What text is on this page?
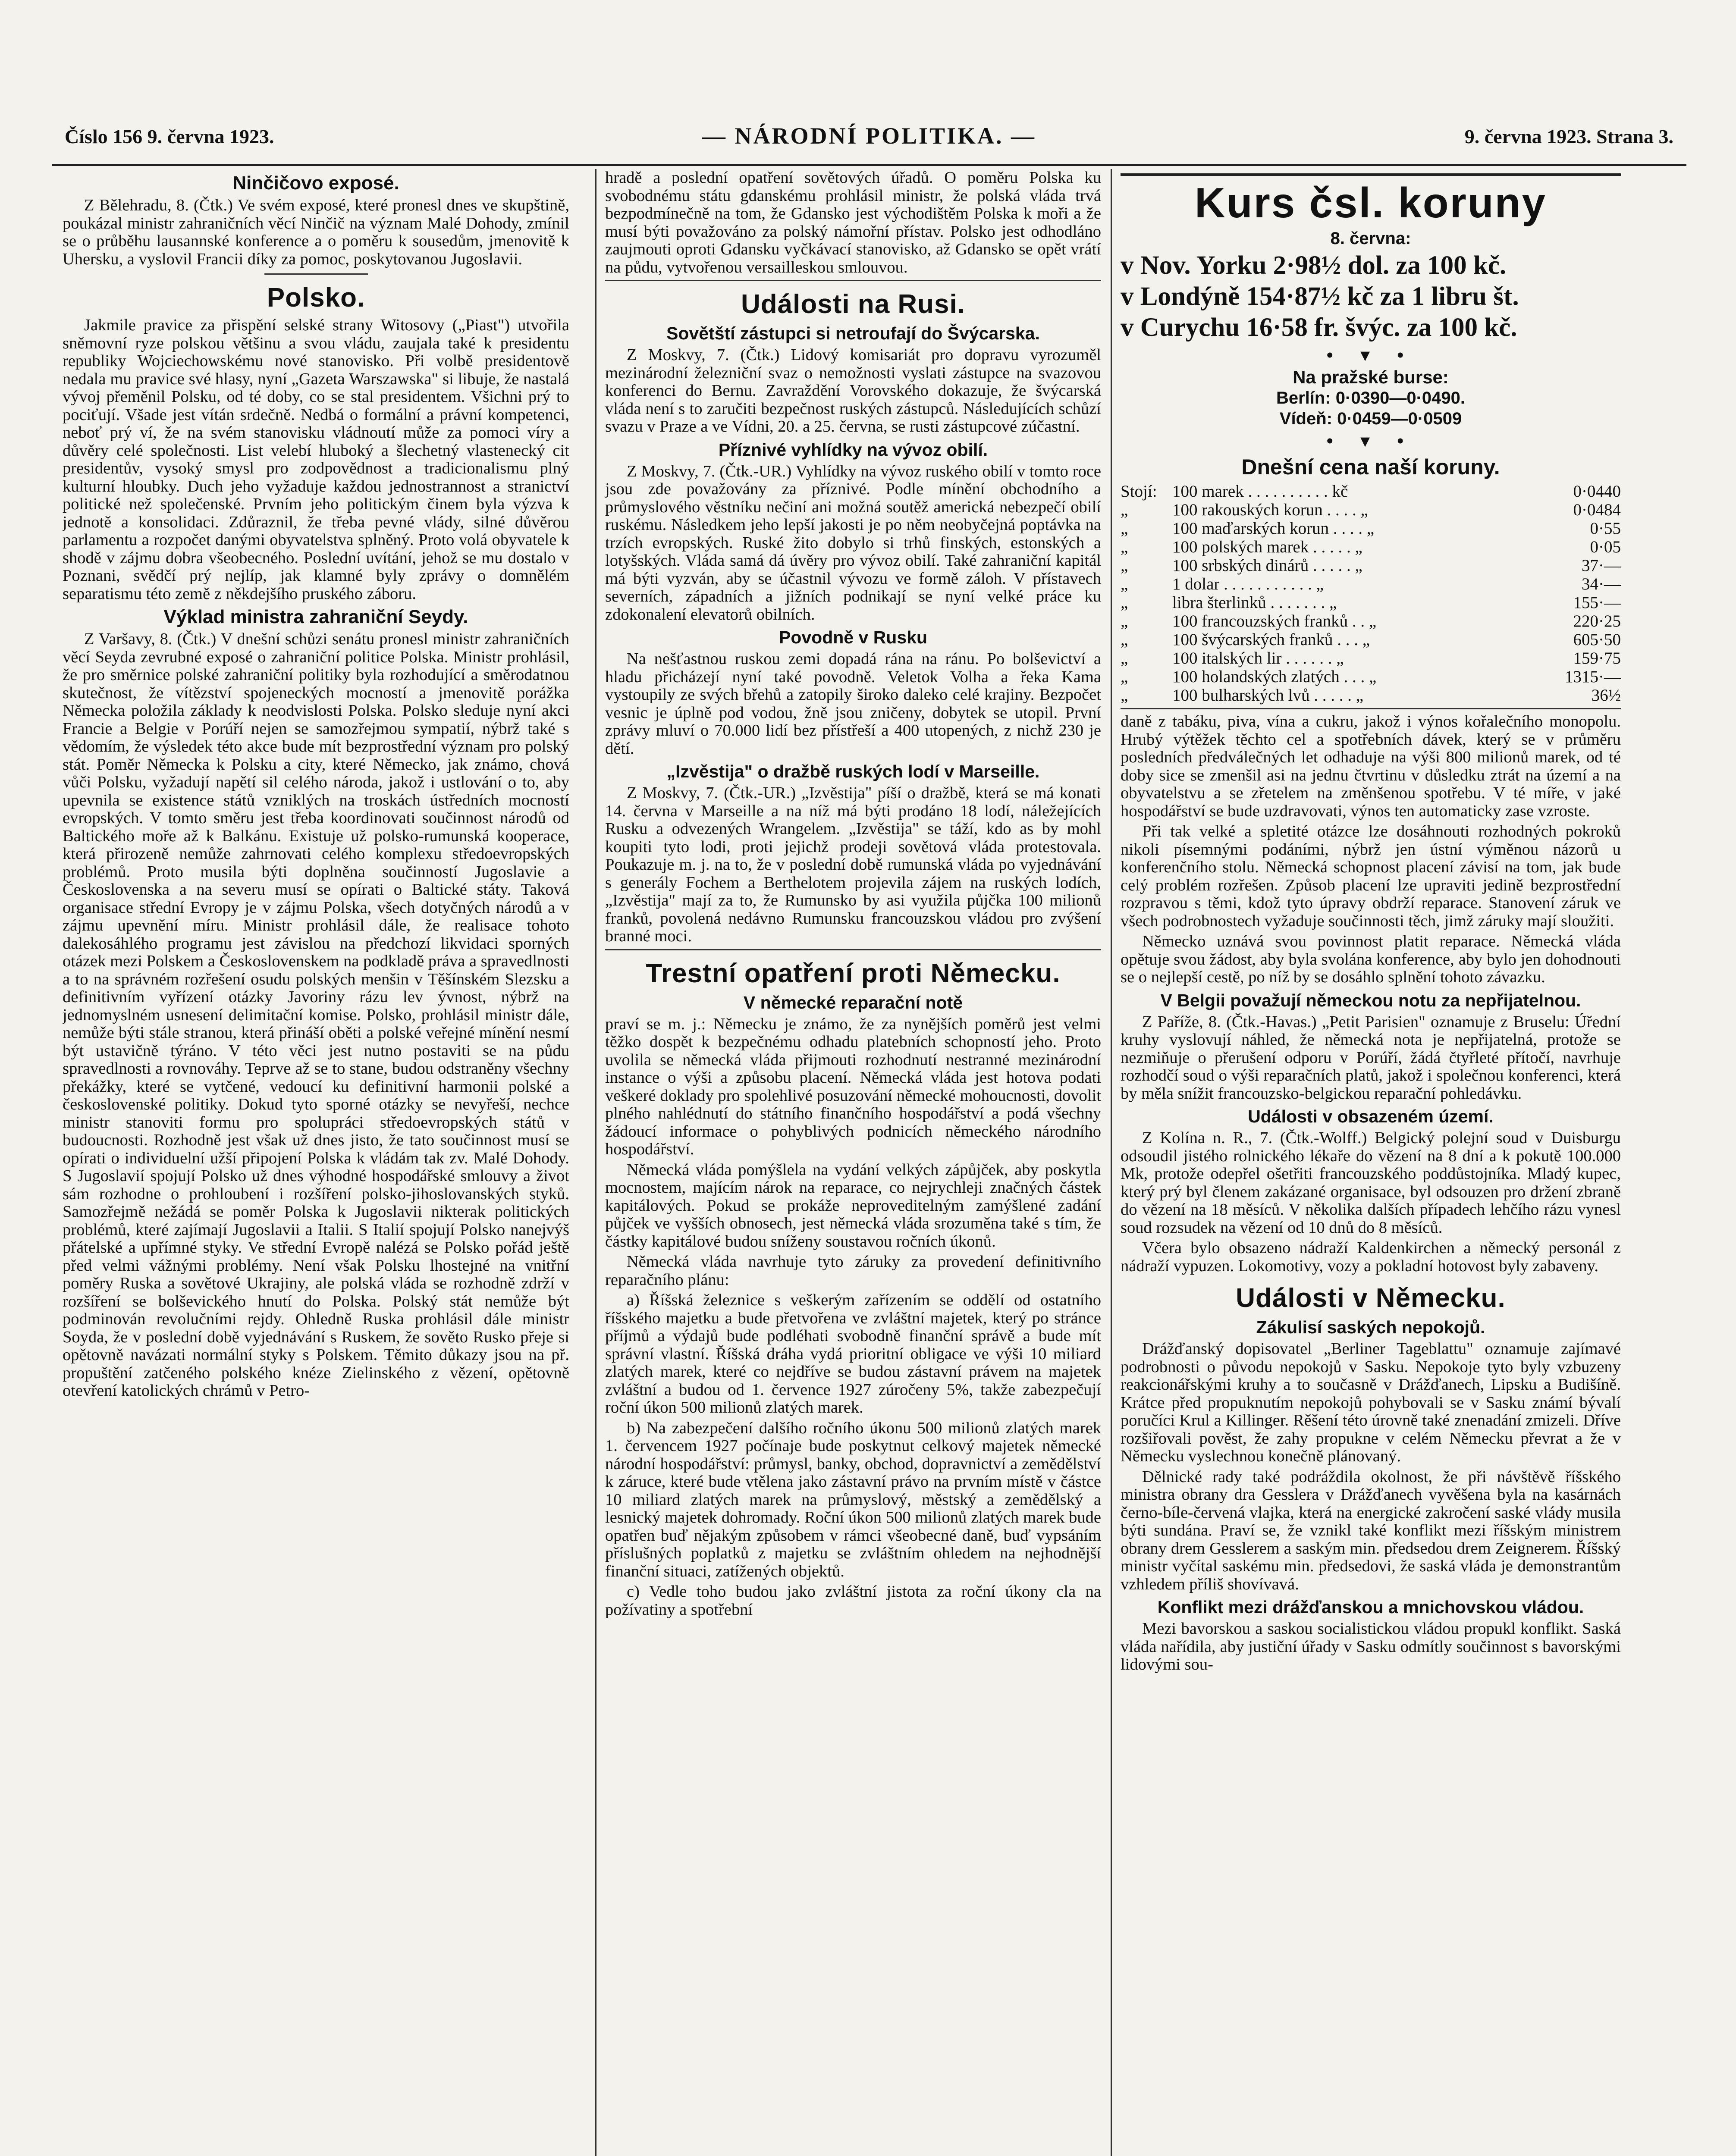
Číslo 156 9. června 1923.	— NÁRODNÍ POLITIKA. —	9. června 1923. Strana 3.
Ninčičovo exposé.

Z Bělehradu, 8. (Čtk.) Ve svém exposé, které pronesl dnes ve skupštině, poukázal ministr zahraničních věcí Ninčič na význam Malé Dohody, zmínil se o průběhu lausannské konference a o poměru k sousedům, jmenovitě k Uhersku, a vyslovil Francii díky za pomoc, poskytovanou Jugoslavii.

Polsko.

Jakmile pravice za přispění selské strany Witosovy („Piast") utvořila sněmovní ryze polskou většinu a svou vládu, zaujala také k presidentu republiky Wojciechowskému nové stanovisko. Při volbě presidentově nedala mu pravice své hlasy, nyní „Gazeta Warszawska" si libuje, že nastalá vývoj přeměnil Polsku, od té doby, co se stal presidentem. Všichni prý to pociťují. Všade jest vítán srdečně. Nedbá o formální a právní kompetenci, neboť prý ví, že na svém stanovisku vládnoutí může za pomoci víry a důvěry celé společnosti. List velebí hluboký a šlechetný vlastenecký cit presidentův, vysoký smysl pro zodpovědnost a tradicionalismu plný kulturní hloubky. Duch jeho vyžaduje každou jednostrannost a stranictví politické než společenské. Prvním jeho politickým činem byla výzva k jednotě a konsolidaci. Zdůraznil, že třeba pevné vlády, silné důvěrou parlamentu a rozpočet danými obyvatelstva splněný. Proto volá obyvatele k shodě v zájmu dobra všeobecného. Poslední uvítání, jehož se mu dostalo v Poznani, svědčí prý nejlíp, jak klamné byly zprávy o domnělém separatismu této země z někdejšího pruského záboru.

Výklad ministra zahraniční Seydy.

Z Varšavy, 8. (Čtk.) V dnešní schůzi senátu pronesl ministr zahraničních věcí Seyda zevrubné exposé o zahraniční politice Polska. Ministr prohlásil, že pro směrnice polské zahraniční politiky byla rozhodující a směrodatnou skutečnost, že vítězství spojeneckých mocností a jmenovitě porážka Německa položila základy k neodvislosti Polska. Polsko sleduje nyní akci Francie a Belgie v Porúří nejen se samozřejmou sympatií, nýbrž také s vědomím, že výsledek této akce bude mít bezprostřední význam pro polský stát. Poměr Německa k Polsku a city, které Německo, jak známo, chová vůči Polsku, vyžadují napětí sil celého národa, jakož i ustlování o to, aby upevnila se existence států vzniklých na troskách ústředních mocností evropských. V tomto směru jest třeba koordinovati součinnost národů od Baltického moře až k Balkánu. Existuje už polsko-rumunská kooperace, která přirozeně nemůže zahrnovati celého komplexu středoevropských problémů. Proto musila býti doplněna součinností Jugoslavie a Československa a na severu musí se opírati o Baltické státy. Taková organisace střední Evropy je v zájmu Polska, všech dotyčných národů a v zájmu upevnění míru. Ministr prohlásil dále, že realisace tohoto dalekosáhlého programu jest závislou na předchozí likvidaci sporných otázek mezi Polskem a Československem na podkladě práva a spravedlnosti a to na správném rozřešení osudu polských menšin v Těšínském Slezsku a definitivním vyřízení otázky Javoriny rázu lev ývnost, nýbrž na jednomyslném usnesení delimitační komise. Polsko, prohlásil ministr dále, nemůže býti stále stranou, která přináší oběti a polské veřejné mínění nesmí být ustavičně týráno. V této věci jest nutno postaviti se na půdu spravedlnosti a rovnováhy. Teprve až se to stane, budou odstraněny všechny překážky, které se vytčené, vedoucí ku definitivní harmonii polské a československé politiky. Dokud tyto sporné otázky se nevyřeší, nechce ministr stanoviti formu pro spolupráci středoevropských států v budoucnosti. Rozhodně jest však už dnes jisto, že tato součinnost musí se opírati o individuelní užší připojení Polska k vládám tak zv. Malé Dohody. S Jugoslavií spojují Polsko už dnes výhodné hospodářské smlouvy a život sám rozhodne o prohloubení i rozšíření polsko-jihoslovanských styků. Samozřejmě nežádá se poměr Polska k Jugoslavii nikterak politických problémů, které zajímají Jugoslavii a Italii. S Italií spojují Polsko nanejvýš přátelské a upřímné styky. Ve střední Evropě nalézá se Polsko pořád ještě před velmi vážnými problémy. Není však Polsku lhostejné na vnitřní poměry Ruska a sovětové Ukrajiny, ale polská vláda se rozhodně zdrží v rozšíření se bolševického hnutí do Polska. Polský stát nemůže být podminován revolučními rejdy. Ohledně Ruska prohlásil dále ministr Soyda, že v poslední době vyjednávání s Ruskem, že sověto Rusko přeje si opětovně navázati normální styky s Polskem. Těmito důkazy jsou na př. propuštění zatčeného polského knéze Zielinského z vězení, opětovně otevření katolických chrámů v Petro-

hradě a poslední opatření sovětových úřadů. O poměru Polska ku svobodnému státu gdanskému prohlásil ministr, že polská vláda trvá bezpodmínečně na tom, že Gdansko jest východištěm Polska k moři a že musí býti považováno za polský námořní přístav. Polsko jest odhodláno zaujmouti oproti Gdansku vyčkávací stanovisko, až Gdansko se opět vrátí na půdu, vytvořenou versailleskou smlouvou.

Události na Rusi.
Sovětští zástupci si netroufají do Švýcarska.

Z Moskvy, 7. (Čtk.) Lidový komisariát pro dopravu vyrozuměl mezinárodní železniční svaz o nemožnosti vyslati zástupce na svazovou konferenci do Bernu. Zavraždění Vorovského dokazuje, že švýcarská vláda není s to zaručiti bezpečnost ruských zástupců. Následujících schůzí svazu v Praze a ve Vídni, 20. a 25. června, se rusti zástupcové zúčastní.

Příznivé vyhlídky na vývoz obilí.

Z Moskvy, 7. (Čtk.-UR.) Vyhlídky na vývoz ruského obilí v tomto roce jsou zde považovány za příznivé. Podle mínění obchodního a průmyslového věstníku nečiní ani možná soutěž americká nebezpečí obilí ruskému. Následkem jeho lepší jakosti je po něm neobyčejná poptávka na trzích evropských. Ruské žito dobylo si trhů finských, estonských a lotyšských. Vláda samá dá úvěry pro vývoz obilí. Také zahraniční kapitál má býti vyzván, aby se účastnil vývozu ve formě záloh. V přístavech severních, západních a jižních podnikají se nyní velké práce ku zdokonalení elevatorů obilních.

Povodně v Rusku

Na nešťastnou ruskou zemi dopadá rána na ránu. Po bolševictví a hladu přicházejí nyní také povodně. Veletok Volha a řeka Kama vystoupily ze svých břehů a zatopily široko daleko celé krajiny. Bezpočet vesnic je úplně pod vodou, žně jsou zničeny, dobytek se utopil. První zprávy mluví o 70.000 lidí bez přístřeší a 400 utopených, z nichž 230 je dětí.

„Izvěstija" o dražbě ruských lodí v Marseille.

Z Moskvy, 7. (Čtk.-UR.) „Izvěstija" píší o dražbě, která se má konati 14. června v Marseille a na níž má býti prodáno 18 lodí, náležejících Rusku a odvezených Wrangelem. „Izvěstija" se táží, kdo as by mohl koupiti tyto lodi, proti jejichž prodeji sovětová vláda protestovala. Poukazuje m. j. na to, že v poslední době rumunská vláda po vyjednávání s generály Fochem a Berthelotem projevila zájem na ruských lodích, „Izvěstija" mají za to, že Rumunsko by asi využila půjčka 100 milionů franků, povolená nedávno Rumunsku francouzskou vládou pro zvýšení branné moci.

Trestní opatření proti Německu.
V německé reparační notě

praví se m. j.: Německu je známo, že za nynějších poměrů jest velmi těžko dospět k bezpečnému odhadu platebních schopností jeho. Proto uvolila se německá vláda přijmouti rozhodnutí nestranné mezinárodní instance o výši a způsobu placení. Německá vláda jest hotova podati veškeré doklady pro spolehlivé posuzování německé mohoucnosti, dovolit plného nahlédnutí do státního finančního hospodářství a podá všechny žádoucí informace o pohyblivých podnicích německého národního hospodářství.

Německá vláda pomýšlela na vydání velkých zápůjček, aby poskytla mocnostem, majícím nárok na reparace, co nejrychleji značných částek kapitálových. Pokud se prokáže neproveditelným zamýšlené zadání půjček ve vyšších obnosech, jest německá vláda srozuměna také s tím, že částky kapitálové budou sníženy soustavou ročních úkonů.

Německá vláda navrhuje tyto záruky za provedení definitivního reparačního plánu:

a) Říšská železnice s veškerým zařízením se oddělí od ostatního říšského majetku a bude přetvořena ve zvláštní majetek, který po stránce příjmů a výdajů bude podléhati svobodně finanční správě a bude mít správní vlastní. Říšská dráha vydá prioritní obligace ve výši 10 miliard zlatých marek, které co nejdříve se budou zástavní právem na majetek zvláštní a budou od 1. července 1927 zúročeny 5%, takže zabezpečují roční úkon 500 milionů zlatých marek.

b) Na zabezpečení dalšího ročního úkonu 500 milionů zlatých marek 1. červencem 1927 počínaje bude poskytnut celkový majetek německé národní hospodářství: průmysl, banky, obchod, dopravnictví a zemědělství k záruce, které bude vtělena jako zástavní právo na prvním místě v částce 10 miliard zlatých marek na průmyslový, městský a zemědělský a lesnický majetek dohromady. Roční úkon 500 milionů zlatých marek bude opatřen buď nějakým způsobem v rámci všeobecné daně, buď vypsáním příslušných poplatků z majetku se zvláštním ohledem na nejhodnější finanční situaci, zatížených objektů.

c) Vedle toho budou jako zvláštní jistota za roční úkony cla na požívatiny a spotřební

Kurs čsl. koruny
8. června:
v Nov. Yorku 2·98½ dol. za 100 kč.
v Londýně 154·87½ kč za 1 libru št.
v Curychu 16·58 fr. švýc. za 100 kč.
• ▾ •
Na pražské burse:
Berlín: 0·0390—0·0490.
Vídeň: 0·0459—0·0509
• ▾ •
Dnešní cena naší koruny.
Stojí:	100 marek . . . . . . . . . . kč	0·0440
„	100 rakouských korun . . . . „	0·0484
„	100 maďarských korun . . . . „	0·55
„	100 polských marek . . . . . „	0·05
„	100 srbských dinárů . . . . . „	37·—
„	1 dolar . . . . . . . . . . . „	34·—
„	libra šterlinků . . . . . . . „	155·—
„	100 francouzských franků . . „	220·25
„	100 švýcarských franků . . . „	605·50
„	100 italských lir . . . . . . „	159·75
„	100 holandských zlatých . . . „	1315·—
„	100 bulharských lvů . . . . . „	36½

daně z tabáku, piva, vína a cukru, jakož i výnos kořalečního monopolu. Hrubý výtěžek těchto cel a spotřebních dávek, který se v průměru posledních předválečných let odhaduje na výši 800 milionů marek, od té doby sice se zmenšil asi na jednu čtvrtinu v důsledku ztrát na území a na obyvatelstvu a se zřetelem na změnšenou spotřebu. V té míře, v jaké hospodářství se bude uzdravovati, výnos ten automaticky zase vzroste.

Při tak velké a spletité otázce lze dosáhnouti rozhodných pokroků nikoli písemnými podáními, nýbrž jen ústní výměnou názorů u konferenčního stolu. Německá schopnost placení závisí na tom, jak bude celý problém rozřešen. Způsob placení lze upraviti jedině bezprostřední rozpravou s těmi, kdož tyto úpravy obdrží reparace. Stanovení záruk ve všech podrobnostech vyžaduje součinnosti těch, jimž záruky mají sloužiti.

Německo uznává svou povinnost platit reparace. Německá vláda opětuje svou žádost, aby byla svolána konference, aby bylo jen dohodnouti se o nejlepší cestě, po níž by se dosáhlo splnění tohoto závazku.

V Belgii považují německou notu za nepřijatelnou.

Z Paříže, 8. (Čtk.-Havas.) „Petit Parisien" oznamuje z Bruselu: Úřední kruhy vyslovují náhled, že německá nota je nepřijatelná, protože se nezmiňuje o přerušení odporu v Porúří, žádá čtyřleté přítočí, navrhuje rozhodčí soud o výši reparačních platů, jakož i společnou konferenci, která by měla snížit francouzsko-belgickou reparační pohledávku.

Události v obsazeném území.

Z Kolína n. R., 7. (Čtk.-Wolff.) Belgický polejní soud v Duisburgu odsoudil jistého rolnického lékaře do vězení na 8 dní a k pokutě 100.000 Mk, protože odepřel ošetřiti francouzského poddůstojníka. Mladý kupec, který prý byl členem zakázané organisace, byl odsouzen pro držení zbraně do vězení na 18 měsíců. V několika dalších případech lehčího rázu vynesl soud rozsudek na vězení od 10 dnů do 8 měsíců.

Včera bylo obsazeno nádraží Kaldenkirchen a německý personál z nádraží vypuzen. Lokomotivy, vozy a pokladní hotovost byly zabaveny.

Události v Německu.
Zákulisí saských nepokojů.

Drážďanský dopisovatel „Berliner Tageblattu" oznamuje zajímavé podrobnosti o původu nepokojů v Sasku. Nepokoje tyto byly vzbuzeny reakcionářskými kruhy a to současně v Drážďanech, Lipsku a Budišíně. Krátce před propuknutím nepokojů pohybovali se v Sasku známí bývalí poručíci Krul a Killinger. Rěšení této úrovně také znenadání zmizeli. Dříve rozšiřovali pověst, že zahy propukne v celém Německu převrat a že v Německu vyslechnou konečně plánovaný.

Dělnické rady také podráždila okolnost, že při návštěvě říšského ministra obrany dra Gesslera v Drážďanech vyvěšena byla na kasárnách černo-bíle-červená vlajka, která na energické zakročení saské vlády musila býti sundána. Praví se, že vznikl také konflikt mezi říšským ministrem obrany drem Gesslerem a saským min. předsedou drem Zeignerem. Říšský ministr vyčítal saskému min. předsedovi, že saská vláda je demonstrantům vzhledem příliš shovívavá.

Konflikt mezi drážďanskou a mnichovskou vládou.

Mezi bavorskou a saskou socialistickou vládou propukl konflikt. Saská vláda nařídila, aby justiční úřady v Sasku odmítly součinnost s bavorskými lidovými sou-
